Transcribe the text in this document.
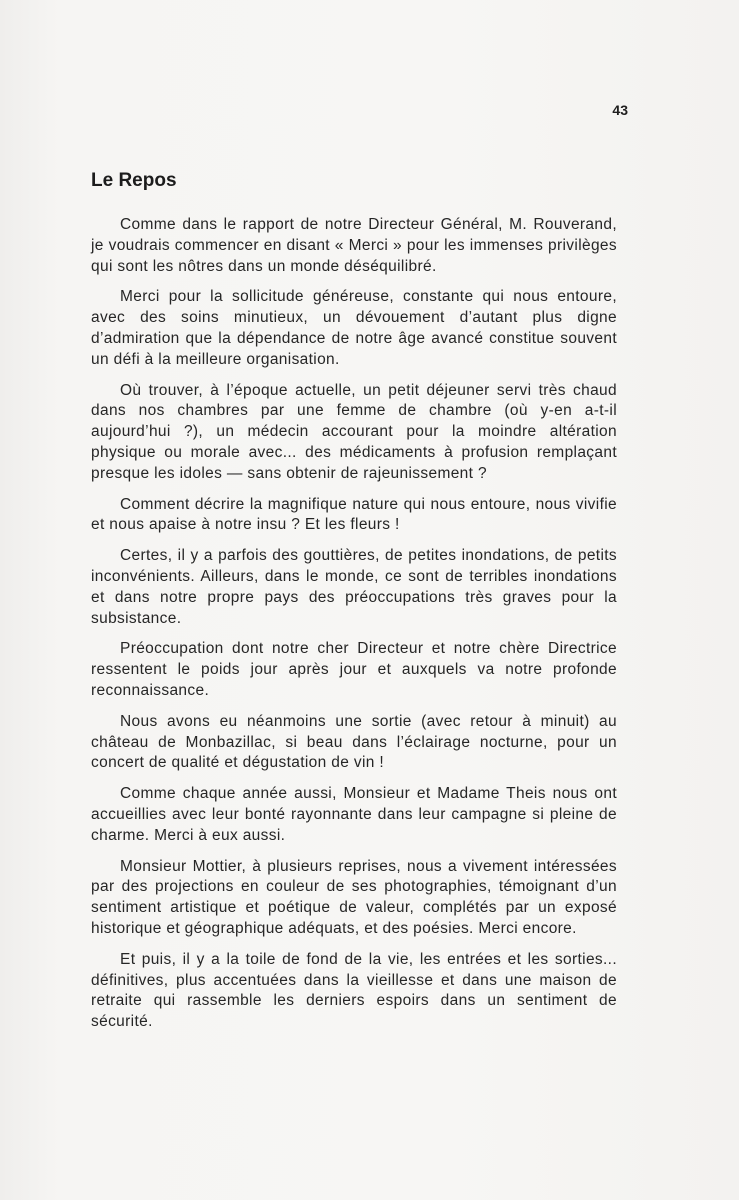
43
Le Repos

Comme dans le rapport de notre Directeur Général, M. Rouverand, je voudrais commencer en disant « Merci » pour les immenses privilèges qui sont les nôtres dans un monde déséquilibré.

Merci pour la sollicitude généreuse, constante qui nous entoure, avec des soins minutieux, un dévouement d’autant plus digne d’admiration que la dépendance de notre âge avancé constitue souvent un défi à la meilleure organisation.

Où trouver, à l’époque actuelle, un petit déjeuner servi très chaud dans nos chambres par une femme de chambre (où y-en a-t-il aujourd’hui ?), un médecin accourant pour la moindre altération physique ou morale avec... des médicaments à profusion remplaçant presque les idoles — sans obtenir de rajeunissement ?

Comment décrire la magnifique nature qui nous entoure, nous vivifie et nous apaise à notre insu ? Et les fleurs !

Certes, il y a parfois des gouttières, de petites inondations, de petits inconvénients. Ailleurs, dans le monde, ce sont de terribles inondations et dans notre propre pays des préoccupations très graves pour la subsistance.

Préoccupation dont notre cher Directeur et notre chère Directrice ressentent le poids jour après jour et auxquels va notre profonde reconnaissance.

Nous avons eu néanmoins une sortie (avec retour à minuit) au château de Monbazillac, si beau dans l’éclairage nocturne, pour un concert de qualité et dégustation de vin !

Comme chaque année aussi, Monsieur et Madame Theis nous ont accueillies avec leur bonté rayonnante dans leur campagne si pleine de charme. Merci à eux aussi.

Monsieur Mottier, à plusieurs reprises, nous a vivement intéressées par des projections en couleur de ses photographies, témoignant d’un sentiment artistique et poétique de valeur, complétés par un exposé historique et géographique adéquats, et des poésies. Merci encore.

Et puis, il y a la toile de fond de la vie, les entrées et les sorties... définitives, plus accentuées dans la vieillesse et dans une maison de retraite qui rassemble les derniers espoirs dans un sentiment de sécurité.
